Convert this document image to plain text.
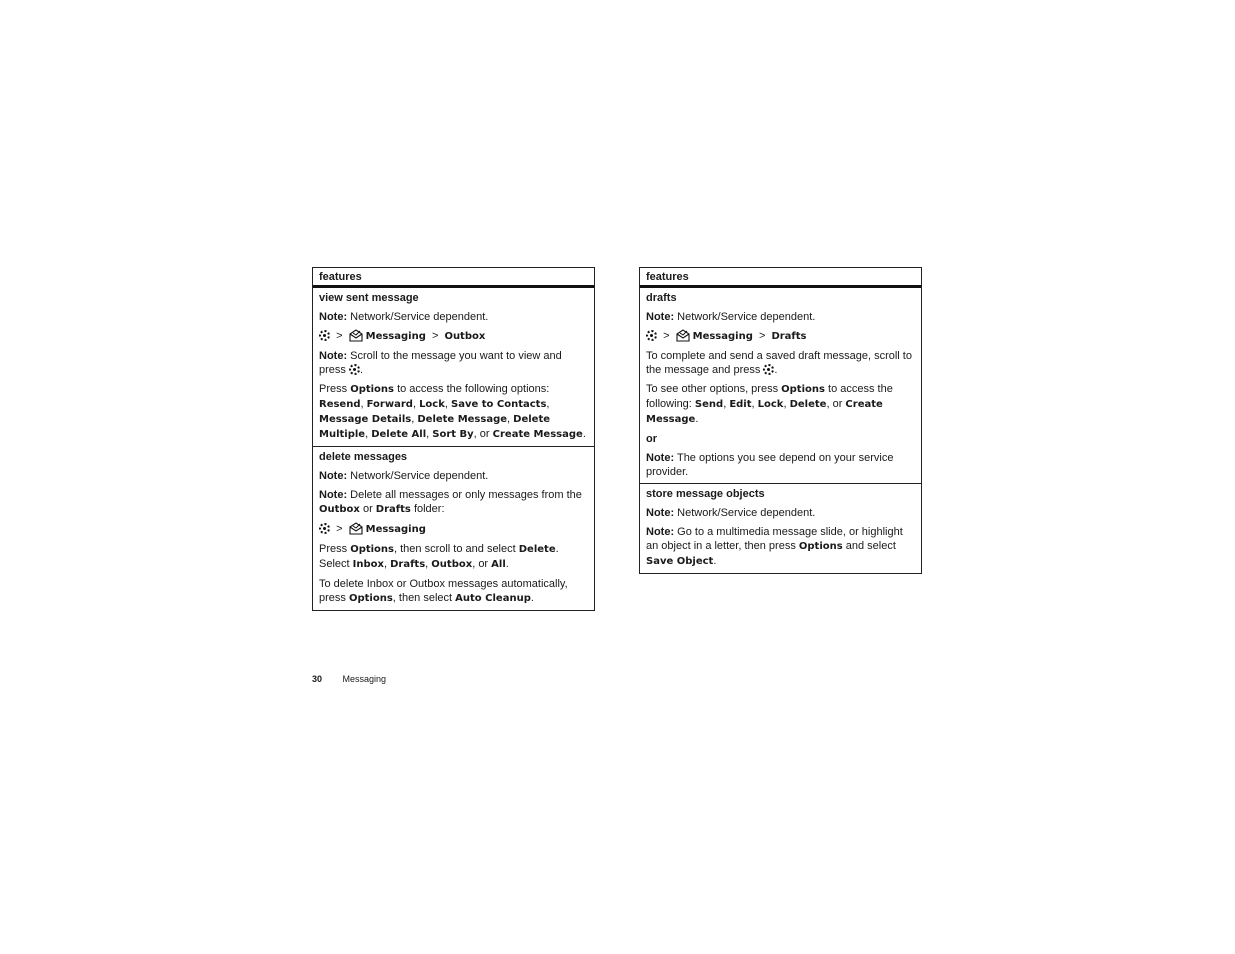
features
view sent message
Note: Network/Service dependent.
> Messaging > Outbox
Note: Scroll to the message you want to view and press .
Press Options to access the following options: Resend, Forward, Lock, Save to Contacts, Message Details, Delete Message, Delete Multiple, Delete All, Sort By, or Create Message.
delete messages
Note: Network/Service dependent.
Note: Delete all messages or only messages from the Outbox or Drafts folder:
> Messaging
Press Options, then scroll to and select Delete. Select Inbox, Drafts, Outbox, or All.
To delete Inbox or Outbox messages automatically, press Options, then select Auto Cleanup.
features
drafts
Note: Network/Service dependent.
> Messaging > Drafts
To complete and send a saved draft message, scroll to the message and press .
To see other options, press Options to access the following: Send, Edit, Lock, Delete, or Create Message.
or
Note: The options you see depend on your service provider.
store message objects
Note: Network/Service dependent.
Note: Go to a multimedia message slide, or highlight an object in a letter, then press Options and select Save Object.
30 Messaging
